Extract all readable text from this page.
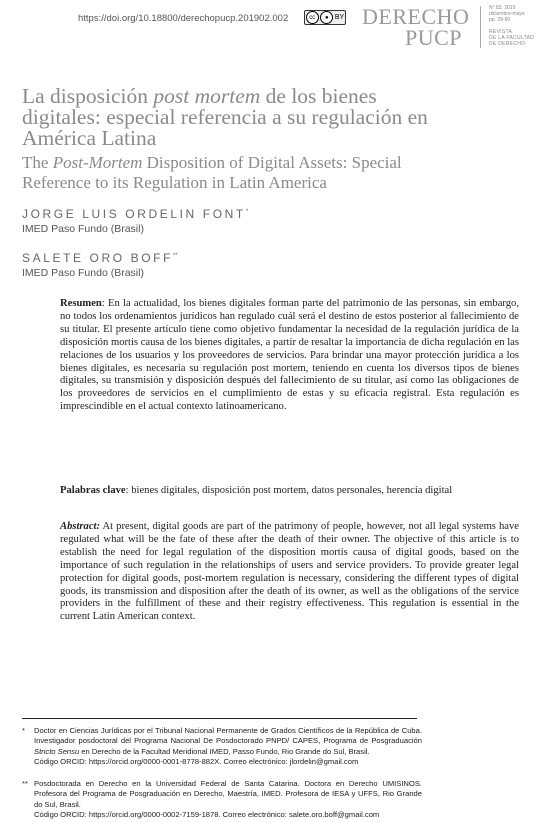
https://doi.org/10.18800/derechopucp.201902.002	cc	● BY DERECHO
PUCP
N° 83, 2019
diciembre-mayo
pp. 29-60
REVISTA
DE LA FACULTAD
DE DERECHO
La disposición post mortem de los bienes digitales: especial referencia a su regulación en América Latina
The Post-Mortem Disposition of Digital Assets: Special Reference to its Regulation in Latin America
JORGE LUIS ORDELIN FONT*
IMED Paso Fundo (Brasil)
SALETE ORO BOFF**
IMED Paso Fundo (Brasil)
Resumen: En la actualidad, los bienes digitales forman parte del patrimonio de las personas, sin embargo, no todos los ordenamientos jurídicos han regulado cuál será el destino de estos posterior al fallecimiento de su titular. El presente artículo tiene como objetivo fundamentar la necesidad de la regulación jurídica de la disposición mortis causa de los bienes digitales, a partir de resaltar la importancia de dicha regulación en las relaciones de los usuarios y los proveedores de servicios. Para brindar una mayor protección jurídica a los bienes digitales, es necesaria su regulación post mortem, teniendo en cuenta los diversos tipos de bienes digitales, su transmisión y disposición después del fallecimiento de su titular, así como las obligaciones de los proveedores de servicios en el cumplimiento de estas y su eficacia registral. Esta regulación es imprescindible en el actual contexto latinoamericano.
Palabras clave: bienes digitales, disposición post mortem, datos personales, herencia digital
Abstract: At present, digital goods are part of the patrimony of people, however, not all legal systems have regulated what will be the fate of these after the death of their owner. The objective of this article is to establish the need for legal regulation of the disposition mortis causa of digital goods, based on the importance of such regulation in the relationships of users and service providers. To provide greater legal protection for digital goods, post-mortem regulation is necessary, considering the different types of digital goods, its transmission and disposition after the death of its owner, as well as the obligations of the service providers in the fulfillment of these and their registry effectiveness. This regulation is essential in the current Latin American context.
* Doctor en Ciencias Jurídicas por el Tribunal Nacional Permanente de Grados Científicos de la República de Cuba. Investigador posdoctoral del Programa Nacional De Posdoctorado PNPD/ CAPES, Programa de Posgraduación Stricto Sensu en Derecho de la Facultad Meridional IMED, Passo Fundo, Rio Grande do Sul, Brasil.
Código ORCID: https://orcid.org/0000-0001-8778-882X. Correo electrónico: jlordelin@gmail.com
** Posdoctorada en Derecho en la Universidad Federal de Santa Catarina. Doctora en Derecho UMISINOS. Profesora del Programa de Posgraduación en Derecho, Maestría, IMED. Profesora de IESA y UFFS, Rio Grande do Sul, Brasil.
Código ORCID: https://orcid.org/0000-0002-7159-1878. Correo electrónico: salete.oro.boff@gmail.com
